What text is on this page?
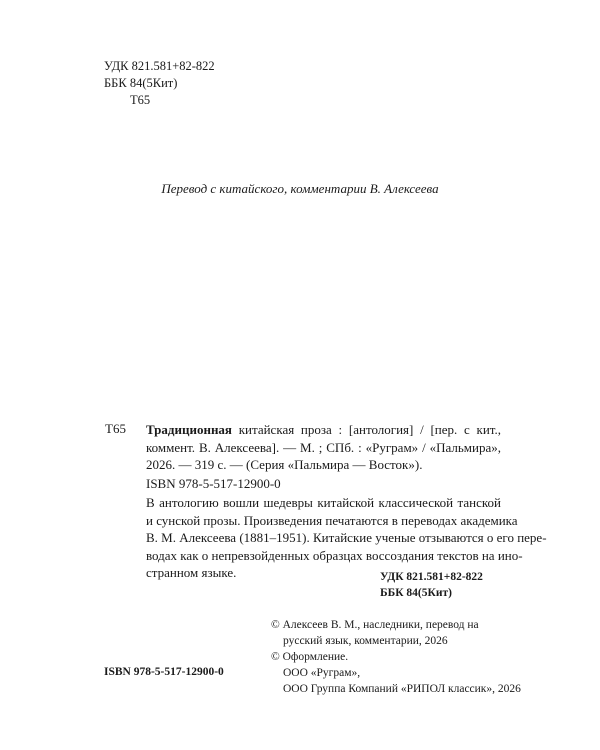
УДК 821.581+82-822
ББК 84(5Кит)
Т65
Перевод с китайского, комментарии В. Алексеева
Т65 Традиционная китайская проза : [антология] / [пер. с кит.,
коммент. В. Алексеева]. — М. ; СПб. : «Ругрaм» / «Пальмира»,
2026. — 319 с. — (Серия «Пальмира — Восток»).
ISBN 978-5-517-12900-0
В антологию вошли шедевры китайской классической танской
и сунской прозы. Произведения печатаются в переводах академика
В. М. Алексеева (1881–1951). Китайские ученые отзываются о его пере-
водах как о непревзойденных образцах воссоздания текстов на ино-
странном языке.	УДК 821.581+82-822
ББК 84(5Кит)
© Алексеев В. М., наследники, перевод на
русский язык, комментарии, 2026
© Оформление.
ООО «Ругрaм»,
ООО Группа Компаний «РИПОЛ классик», 2026
ISBN 978-5-517-12900-0
